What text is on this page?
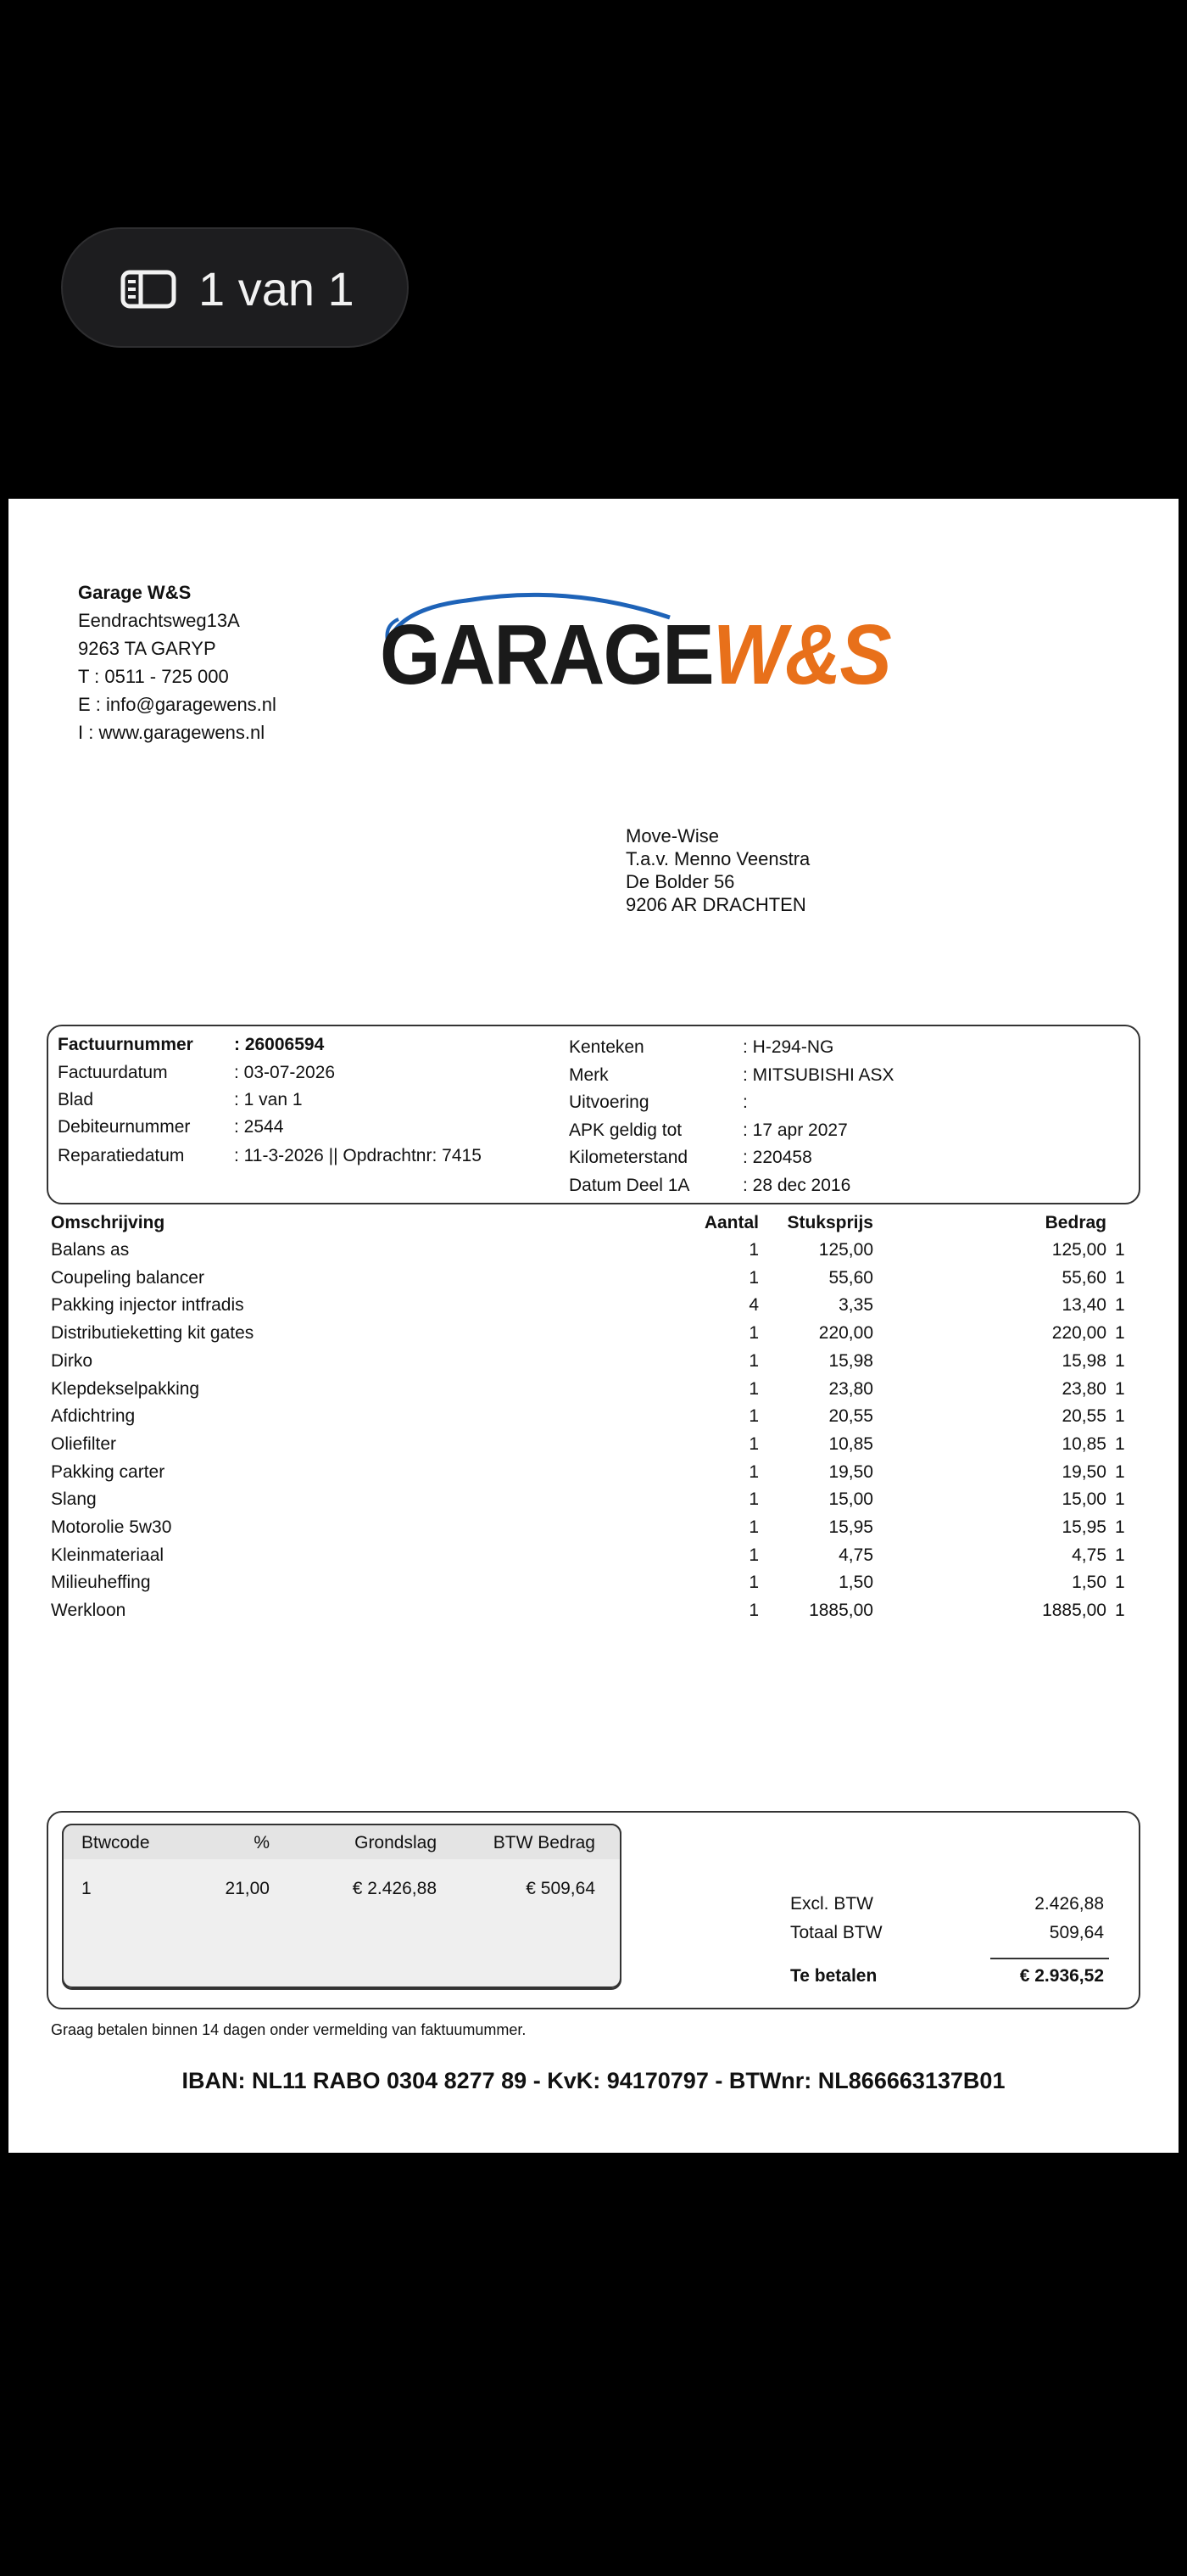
1 van 1
Garage W&S
Eendrachtsweg13A
9263 TA GARYP
T : 0511 - 725 000
E : info@garagewens.nl
I : www.garagewens.nl
GARAGEW&S
Move-Wise
T.a.v. Menno Veenstra
De Bolder 56
9206 AR DRACHTEN
Factuurnummer : 26006594
Factuurdatum	: 03-07-2026
Blad	: 1 van 1
Debiteurnummer : 2544
Reparatiedatum	: 11-3-2026 || Opdrachtnr: 7415
Kenteken	: H-294-NG
Merk	: MITSUBISHI ASX
Uitvoering	:
APK geldig tot	: 17 apr 2027
Kilometerstand	: 220458
Datum Deel 1A	: 28 dec 2016
Omschrijving	Aantal	Stuksprijs	Bedrag
Balans as	1	125,00	125,00 1
Coupeling balancer	1	55,60	55,60 1
Pakking injector intfradis	4	3,35	13,40 1
Distributieketting kit gates	1	220,00	220,00 1
Dirko	1	15,98	15,98 1
Klepdekselpakking	1	23,80	23,80 1
Afdichtring	1	20,55	20,55 1
Oliefilter	1	10,85	10,85 1
Pakking carter	1	19,50	19,50 1
Slang	1	15,00	15,00 1
Motorolie 5w30	1	15,95	15,95 1
Kleinmateriaal	1	4,75	4,75 1
Milieuheffing	1	1,50	1,50 1
Werkloon	1	1885,00	1885,00 1
Btwcode	%	Grondslag	BTW Bedrag
1	21,00	€ 2.426,88	€ 509,64
Excl. BTW	2.426,88
Totaal BTW	509,64
Te betalen	€ 2.936,52
Graag betalen binnen 14 dagen onder vermelding van faktuumummer.
IBAN: NL11 RABO 0304 8277 89 - KvK: 94170797 - BTWnr: NL866663137B01
